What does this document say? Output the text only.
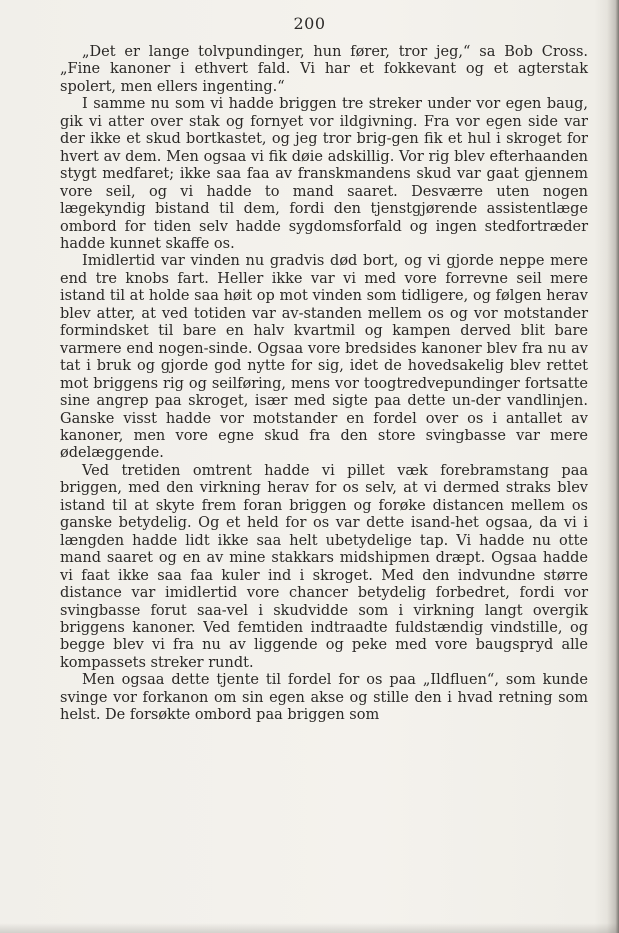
200

„Det er lange tolvpundinger, hun fører, tror jeg,“ sa Bob Cross. „Fine kanoner i ethvert fald. Vi har et fokkevant og et agterstak spolert, men ellers ingenting.“

I samme nu som vi hadde briggen tre streker under vor egen baug, gik vi atter over stak og fornyet vor ildgivning. Fra vor egen side var der ikke et skud bortkastet, og jeg tror brig-gen fik et hul i skroget for hvert av dem. Men ogsaa vi fik døie adskillig. Vor rig blev efterhaanden stygt medfaret; ikke saa faa av franskmandens skud var gaat gjennem vore seil, og vi hadde to mand saaret. Desværre uten nogen lægekyndig bistand til dem, fordi den tjenstgjørende assistentlæge ombord for tiden selv hadde sygdomsforfald og ingen stedfortræder hadde kunnet skaffe os.

Imidlertid var vinden nu gradvis død bort, og vi gjorde neppe mere end tre knobs fart. Heller ikke var vi med vore forrevne seil mere istand til at holde saa høit op mot vinden som tidligere, og følgen herav blev atter, at ved totiden var av-standen mellem os og vor motstander formindsket til bare en halv kvartmil og kampen derved blit bare varmere end nogen-sinde. Ogsaa vore bredsides kanoner blev fra nu av tat i bruk og gjorde god nytte for sig, idet de hovedsakelig blev rettet mot briggens rig og seilføring, mens vor toogtredvepundinger fortsatte sine angrep paa skroget, især med sigte paa dette un-der vandlinjen. Ganske visst hadde vor motstander en fordel over os i antallet av kanoner, men vore egne skud fra den store svingbasse var mere ødelæggende.

Ved tretiden omtrent hadde vi pillet væk forebramstang paa briggen, med den virkning herav for os selv, at vi dermed straks blev istand til at skyte frem foran briggen og forøke distancen mellem os ganske betydelig. Og et held for os var dette isand-het ogsaa, da vi i længden hadde lidt ikke saa helt ubetydelige tap. Vi hadde nu otte mand saaret og en av mine stakkars midshipmen dræpt. Ogsaa hadde vi faat ikke saa faa kuler ind i skroget. Med den indvundne større distance var imidlertid vore chancer betydelig forbedret, fordi vor svingbasse forut saa-vel i skudvidde som i virkning langt overgik briggens kanoner. Ved femtiden indtraadte fuldstændig vindstille, og begge blev vi fra nu av liggende og peke med vore baugspryd alle kompassets streker rundt.

Men ogsaa dette tjente til fordel for os paa „Ildfluen“, som kunde svinge vor forkanon om sin egen akse og stille den i hvad retning som helst. De forsøkte ombord paa briggen som
